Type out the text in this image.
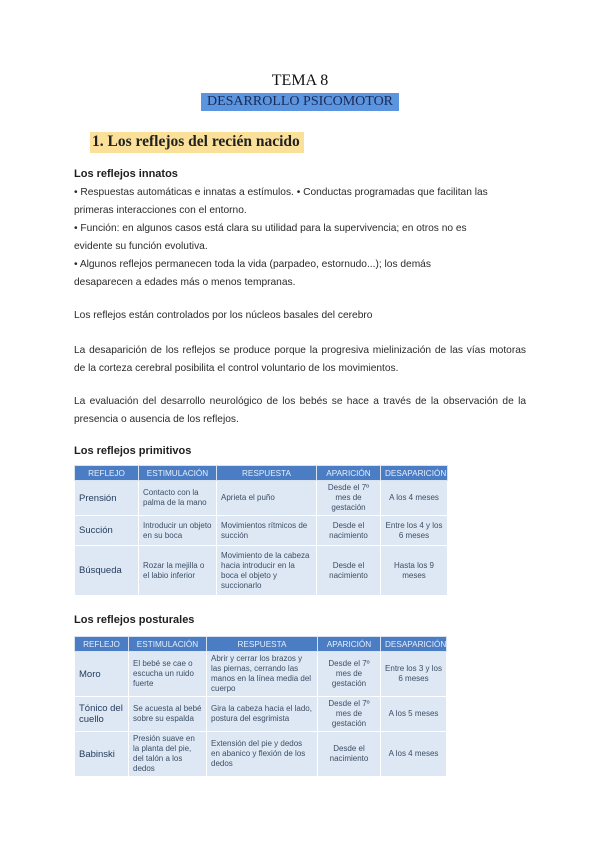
TEMA 8
DESARROLLO PSICOMOTOR
1. Los reflejos del recién nacido
Los reflejos innatos
• Respuestas automáticas e innatas a estímulos. • Conductas programadas que facilitan las
primeras interacciones con el entorno.
• Función: en algunos casos está clara su utilidad para la supervivencia; en otros no es
evidente su función evolutiva.
• Algunos reflejos permanecen toda la vida (parpadeo, estornudo...); los demás
desaparecen a edades más o menos tempranas.
Los reflejos están controlados por los núcleos basales del cerebro
La desaparición de los reflejos se produce porque la progresiva mielinización de las vías motoras de la corteza cerebral posibilita el control voluntario de los movimientos.
La evaluación del desarrollo neurológico de los bebés se hace a través de la observación de la presencia o ausencia de los reflejos.
Los reflejos primitivos
REFLEJO	ESTIMULACIÓN	RESPUESTA	APARICIÓN	DESAPARICIÓN
Prensión	Contacto con la palma de la mano	Aprieta el puño	Desde el 7º mes de gestación	A los 4 meses
Succión	Introducir un objeto en su boca	Movimientos rítmicos de succión	Desde el nacimiento	Entre los 4 y los 6 meses
Búsqueda	Rozar la mejilla o el labio inferior	Movimiento de la cabeza hacia introducir en la boca el objeto y succionarlo	Desde el nacimiento	Hasta los 9 meses
Los reflejos posturales
REFLEJO	ESTIMULACIÓN	RESPUESTA	APARICIÓN	DESAPARICIÓN
Moro	El bebé se cae o escucha un ruido fuerte	Abrir y cerrar los brazos y las piernas, cerrando las manos en la línea media del cuerpo	Desde el 7º mes de gestación	Entre los 3 y los 6 meses
Tónico del cuello	Se acuesta al bebé sobre su espalda	Gira la cabeza hacia el lado, postura del esgrimista	Desde el 7º mes de gestación	A los 5 meses
Babinski	Presión suave en la planta del pie, del talón a los dedos	Extensión del pie y dedos en abanico y flexión de los dedos	Desde el nacimiento	A los 4 meses
